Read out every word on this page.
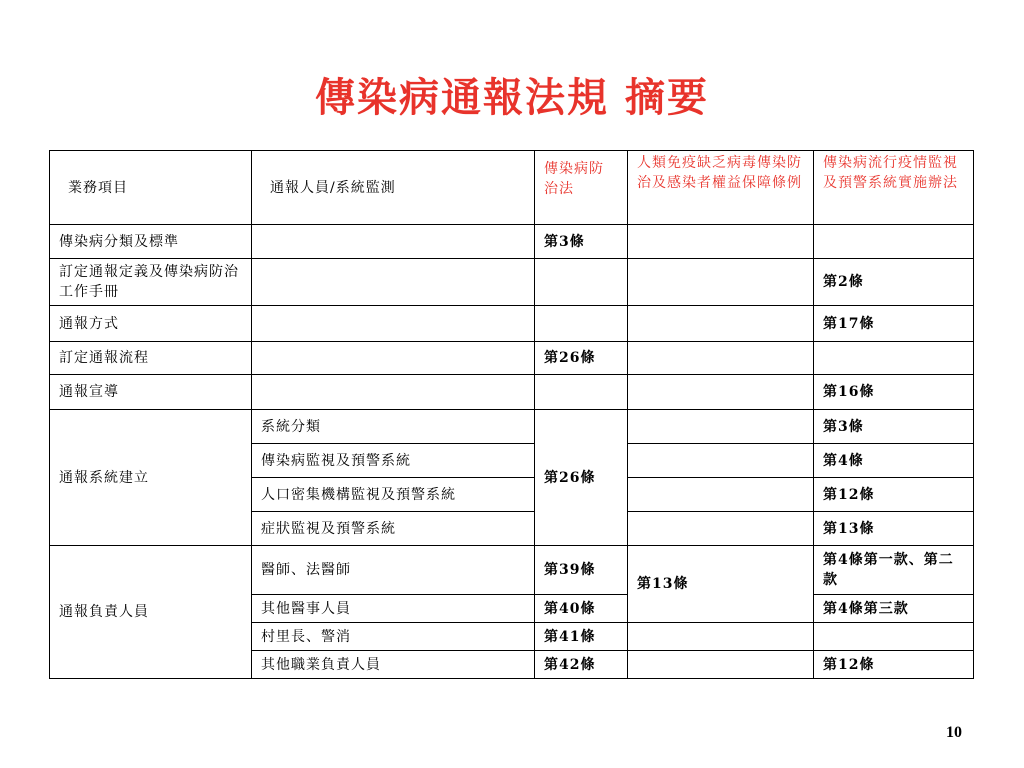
傳染病通報法規 摘要
業務項目	通報人員/系統監測	傳染病防治法	人類免疫缺乏病毒傳染防治及感染者權益保障條例	傳染病流行疫情監視及預警系統實施辦法
傳染病分類及標準		第3條		
訂定通報定義及傳染病防治工作手冊				第2條
通報方式				第17條
訂定通報流程		第26條		
通報宣導				第16條
通報系統建立	系統分類	第26條		第3條
	傳染病監視及預警系統			第4條
	人口密集機構監視及預警系統			第12條
	症狀監視及預警系統			第13條
通報負責人員	醫師、法醫師	第39條	第13條	第4條第一款、第二款
	其他醫事人員	第40條		第4條第三款
	村里長、警消	第41條		
	其他職業負責人員	第42條		第12條
10
